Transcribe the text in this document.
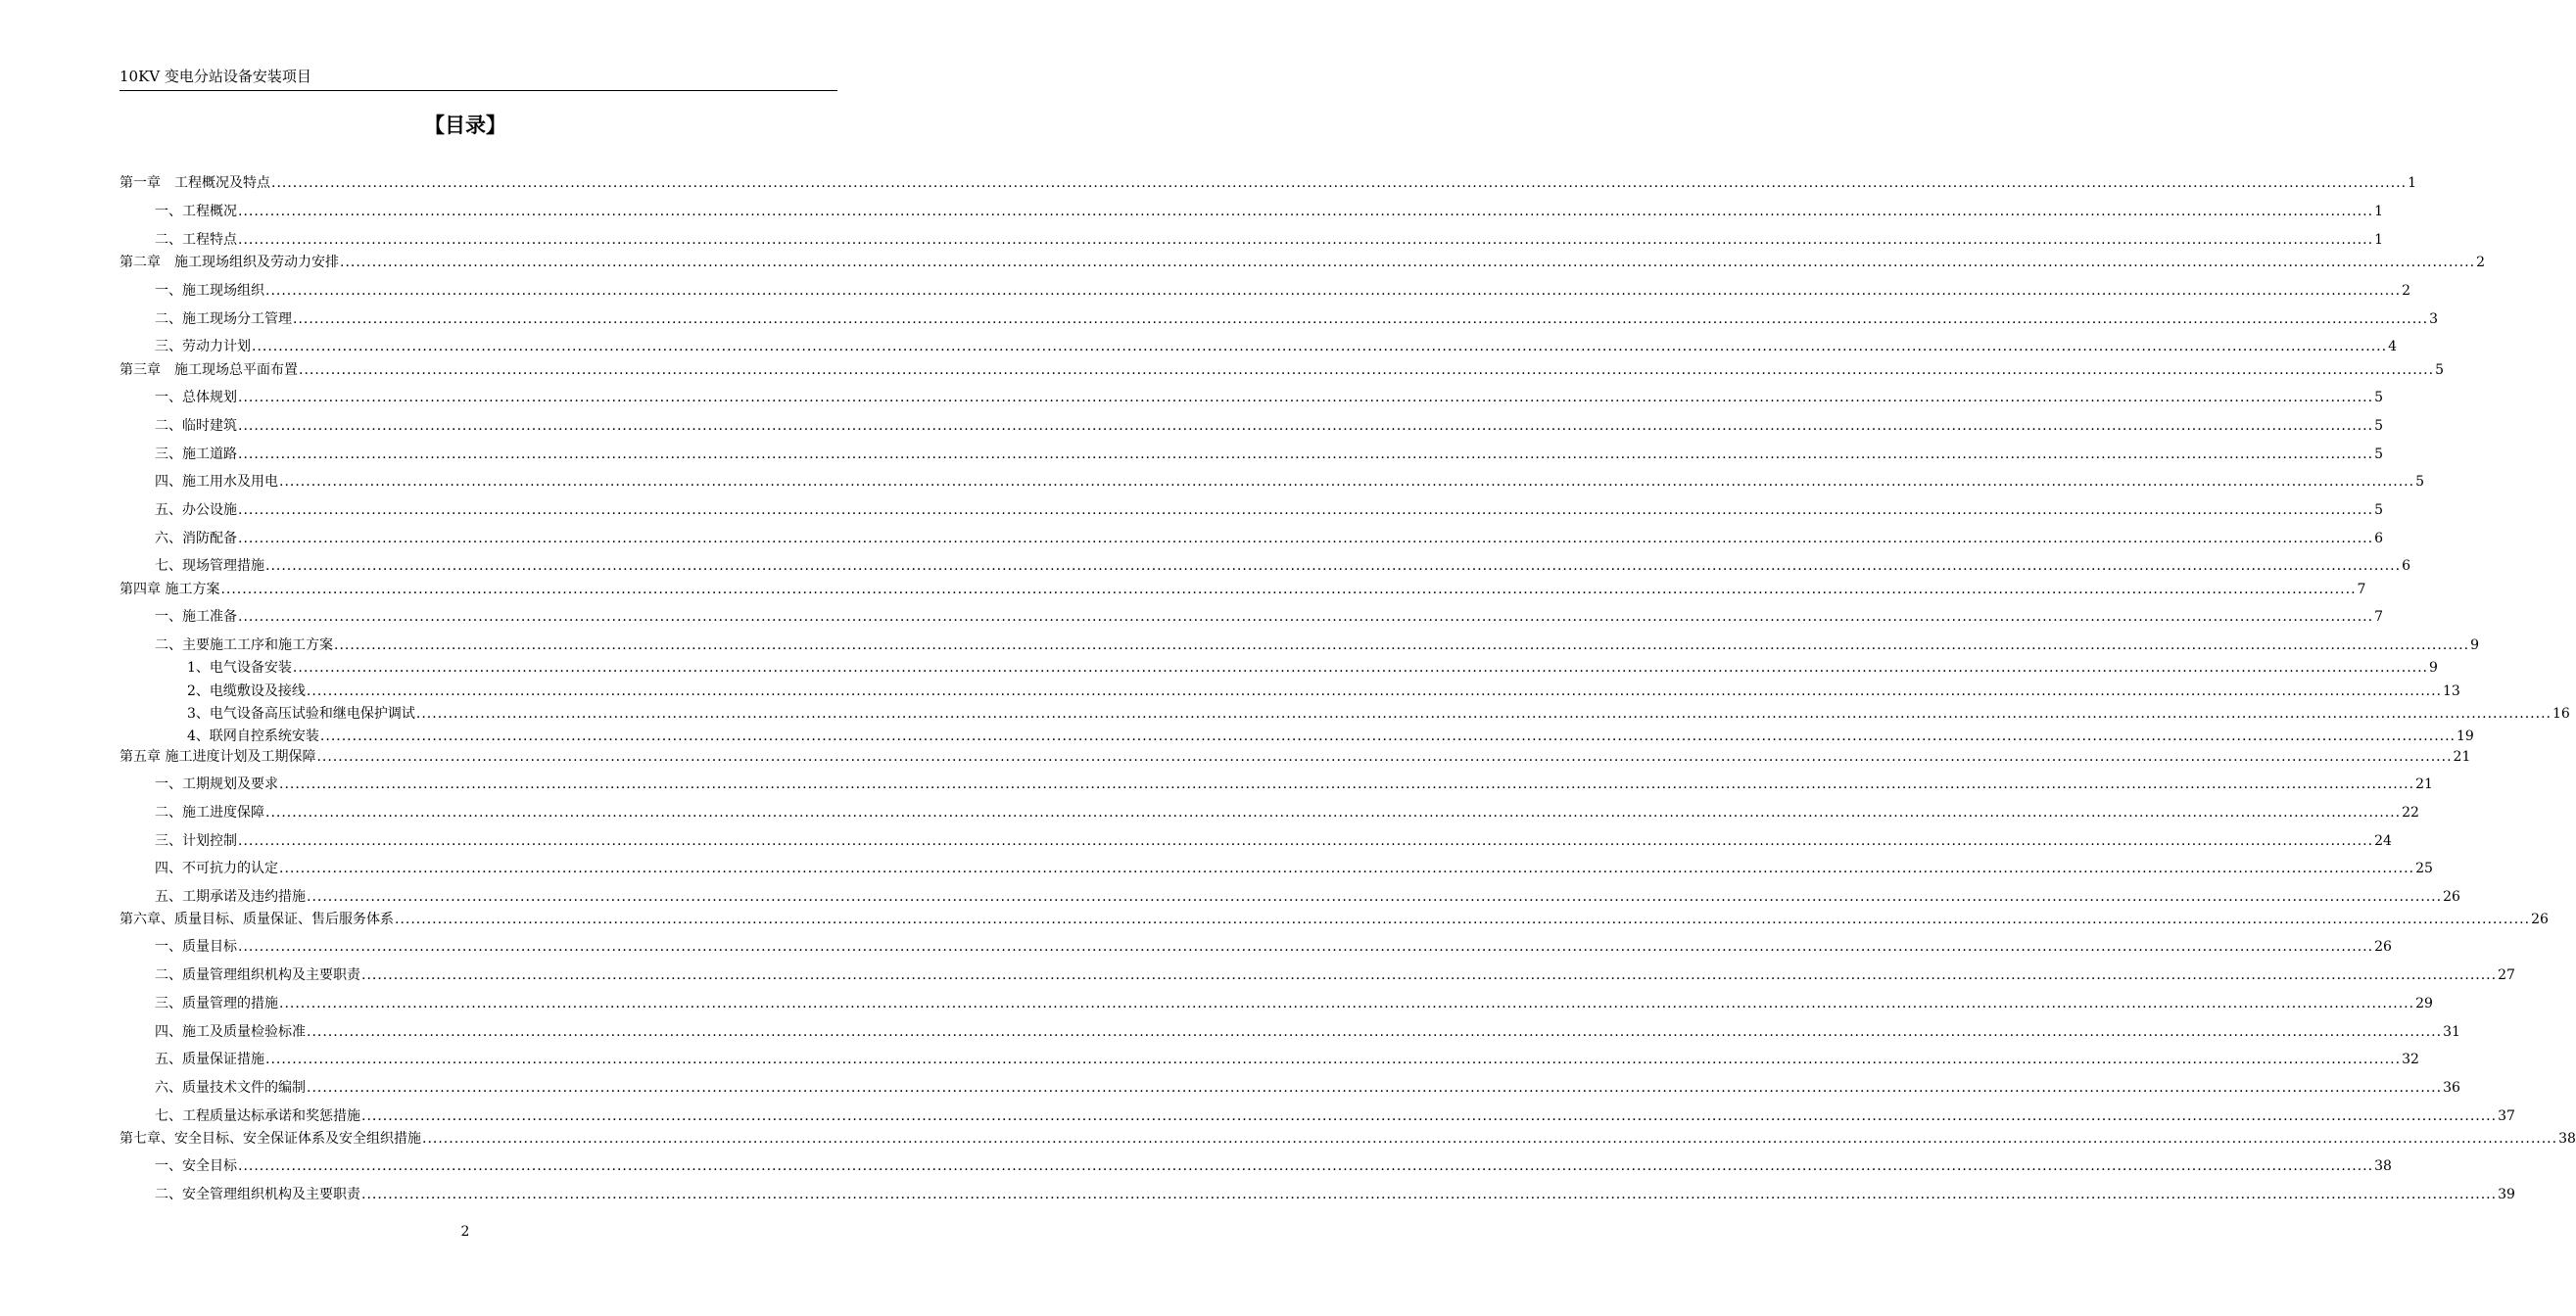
10KV 变电分站设备安装项目
【目录】
第一章　工程概况及特点 ................................................................................................................................................................................................................................................................................................................................................................................................................ 1
一、工程概况 ................................................................................................................................................................................................................................................................................................................................................................................................................ 1
二、工程特点 ................................................................................................................................................................................................................................................................................................................................................................................................................ 1
第二章　施工现场组织及劳动力安排 ................................................................................................................................................................................................................................................................................................................................................................................................................ 2
一、施工现场组织 ................................................................................................................................................................................................................................................................................................................................................................................................................ 2
二、施工现场分工管理 ................................................................................................................................................................................................................................................................................................................................................................................................................ 3
三、劳动力计划 ................................................................................................................................................................................................................................................................................................................................................................................................................ 4
第三章　施工现场总平面布置 ................................................................................................................................................................................................................................................................................................................................................................................................................ 5
一、总体规划 ................................................................................................................................................................................................................................................................................................................................................................................................................ 5
二、临时建筑 ................................................................................................................................................................................................................................................................................................................................................................................................................ 5
三、施工道路 ................................................................................................................................................................................................................................................................................................................................................................................................................ 5
四、施工用水及用电 ................................................................................................................................................................................................................................................................................................................................................................................................................ 5
五、办公设施 ................................................................................................................................................................................................................................................................................................................................................................................................................ 5
六、消防配备 ................................................................................................................................................................................................................................................................................................................................................................................................................ 6
七、现场管理措施 ................................................................................................................................................................................................................................................................................................................................................................................................................ 6
第四章 施工方案 ................................................................................................................................................................................................................................................................................................................................................................................................................ 7
一、施工准备 ................................................................................................................................................................................................................................................................................................................................................................................................................ 7
二、主要施工工序和施工方案 ................................................................................................................................................................................................................................................................................................................................................................................................................ 9
1、电气设备安装 ................................................................................................................................................................................................................................................................................................................................................................................................................ 9
2、电缆敷设及接线 ................................................................................................................................................................................................................................................................................................................................................................................................................ 13
3、电气设备高压试验和继电保护调试 ................................................................................................................................................................................................................................................................................................................................................................................................................ 16
4、联网自控系统安装 ................................................................................................................................................................................................................................................................................................................................................................................................................ 19
第五章 施工进度计划及工期保障 ................................................................................................................................................................................................................................................................................................................................................................................................................ 21
一、工期规划及要求 ................................................................................................................................................................................................................................................................................................................................................................................................................ 21
二、施工进度保障 ................................................................................................................................................................................................................................................................................................................................................................................................................ 22
三、计划控制 ................................................................................................................................................................................................................................................................................................................................................................................................................ 24
四、不可抗力的认定 ................................................................................................................................................................................................................................................................................................................................................................................................................ 25
五、工期承诺及违约措施 ................................................................................................................................................................................................................................................................................................................................................................................................................ 26
第六章、质量目标、质量保证、售后服务体系 ................................................................................................................................................................................................................................................................................................................................................................................................................ 26
一、质量目标 ................................................................................................................................................................................................................................................................................................................................................................................................................ 26
二、质量管理组织机构及主要职责 ................................................................................................................................................................................................................................................................................................................................................................................................................ 27
三、质量管理的措施 ................................................................................................................................................................................................................................................................................................................................................................................................................ 29
四、施工及质量检验标准 ................................................................................................................................................................................................................................................................................................................................................................................................................ 31
五、质量保证措施 ................................................................................................................................................................................................................................................................................................................................................................................................................ 32
六、质量技术文件的编制 ................................................................................................................................................................................................................................................................................................................................................................................................................ 36
七、工程质量达标承诺和奖惩措施 ................................................................................................................................................................................................................................................................................................................................................................................................................ 37
第七章、安全目标、安全保证体系及安全组织措施 ................................................................................................................................................................................................................................................................................................................................................................................................................ 38
一、安全目标 ................................................................................................................................................................................................................................................................................................................................................................................................................ 38
二、安全管理组织机构及主要职责 ................................................................................................................................................................................................................................................................................................................................................................................................................ 39
2
